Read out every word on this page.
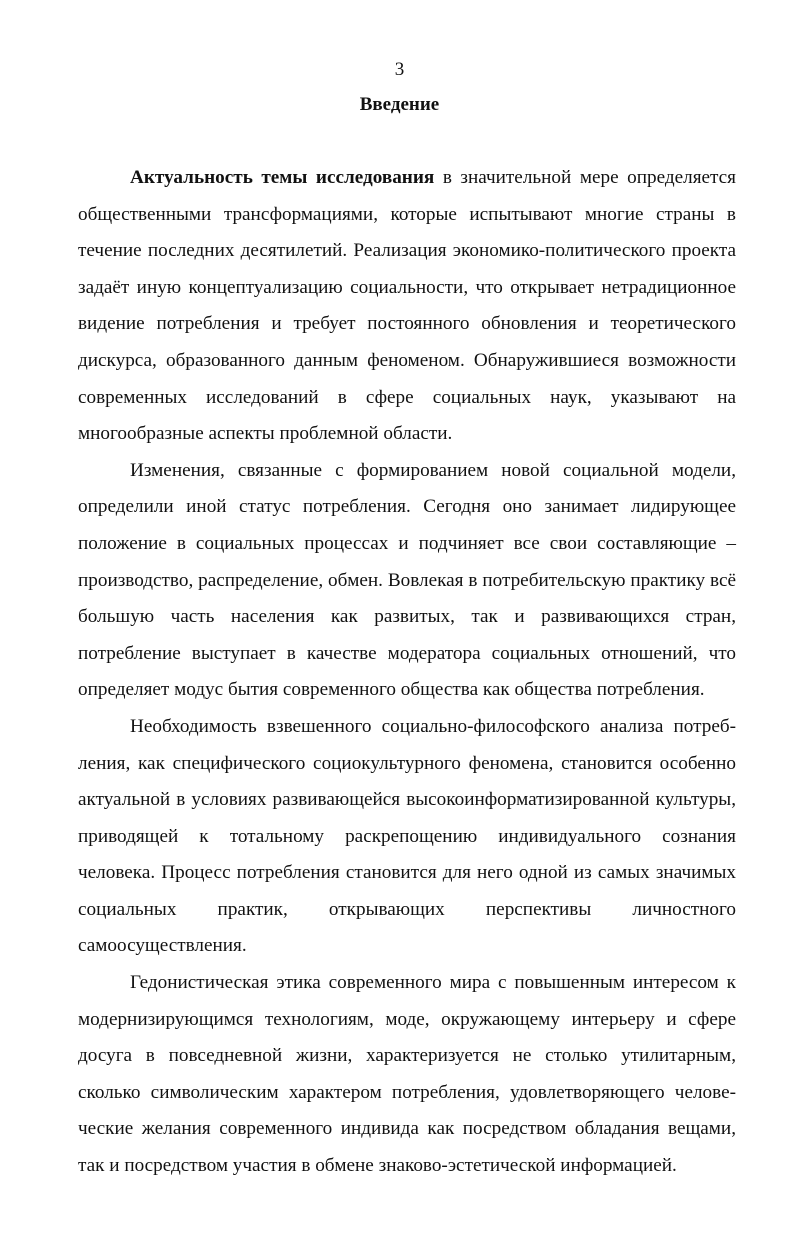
3
Введение

Актуальность темы исследования в значительной мере определяется общественными трансформациями, которые испытывают многие страны в течение последних десятилетий. Реализация экономико-политического проекта задаёт иную концептуализацию социальности, что открывает нетрадиционное видение потребления и требует постоянного обновления и теоретического дискурса, образованного данным феноменом. Обнаружившиеся возможности современных исследований в сфере социальных наук, указывают на многообразные аспекты проблемной области.

Изменения, связанные с формированием новой социальной модели, определили иной статус потребления. Сегодня оно занимает лидирующее положение в социальных процессах и подчиняет все свои составляющие – производство, распределение, обмен. Вовлекая в потребительскую практику всё большую часть населения как развитых, так и развивающихся стран, потребление выступает в качестве модератора социальных отношений, что определяет модус бытия современного общества как общества потребления.

Необходимость взвешенного социально-философского анализа потребления, как специфического социокультурного феномена, становится особенно актуальной в условиях развивающейся высокоинформатизированной культуры, приводящей к тотальному раскрепощению индивидуального сознания человека. Процесс потребления становится для него одной из самых значимых социальных практик, открывающих перспективы личностного самоосуществления.

Гедонистическая этика современного мира с повышенным интересом к модернизирующимся технологиям, моде, окружающему интерьеру и сфере досуга в повседневной жизни, характеризуется не столько утилитарным, сколько символическим характером потребления, удовлетворяющего человеческие желания современного индивида как посредством обладания вещами, так и посредством участия в обмене знаково-эстетической информацией.
